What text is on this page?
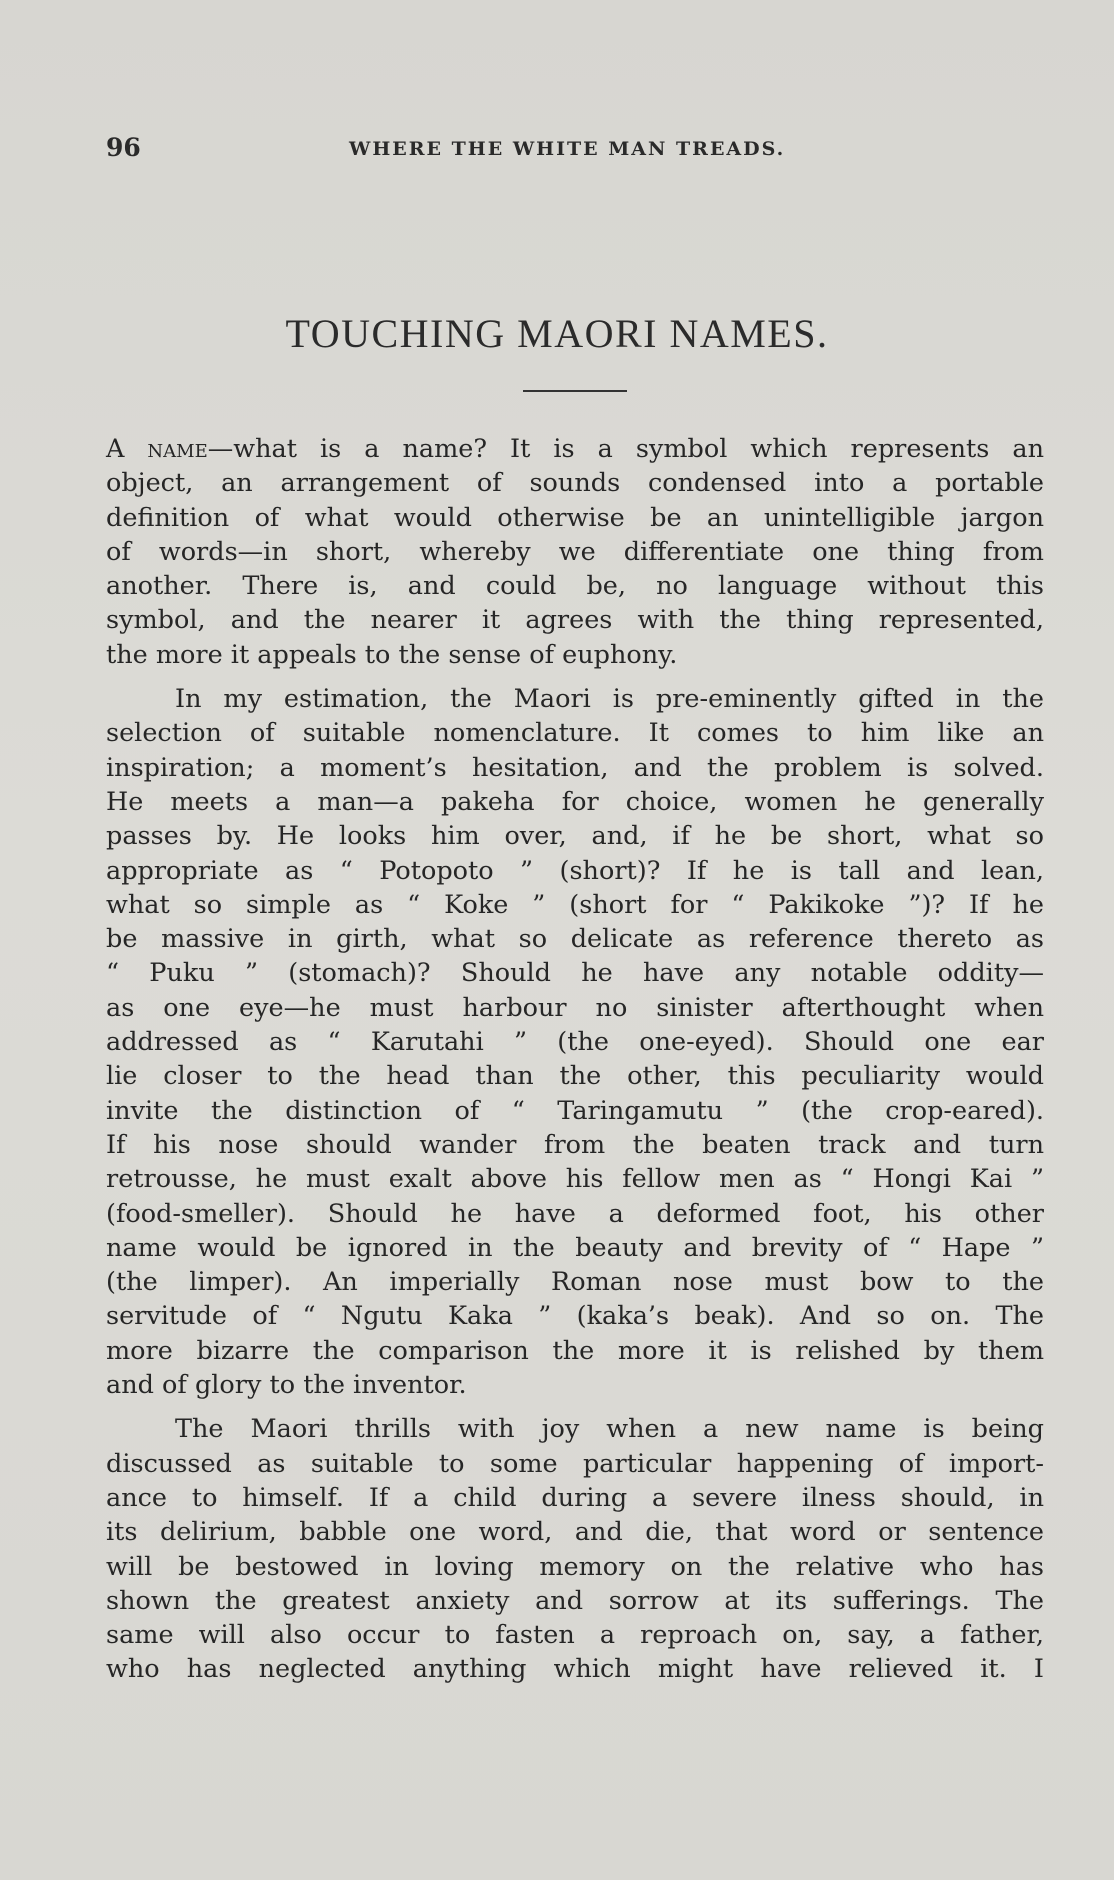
96	WHERE THE WHITE MAN TREADS.
TOUCHING MAORI NAMES.
A name—what is a name? It is a symbol which represents an
object, an arrangement of sounds condensed into a portable
definition of what would otherwise be an unintelligible jargon
of words—in short, whereby we differentiate one thing from
another. There is, and could be, no language without this
symbol, and the nearer it agrees with the thing represented,
the more it appeals to the sense of euphony.
In my estimation, the Maori is pre-eminently gifted in the
selection of suitable nomenclature. It comes to him like an
inspiration; a moment’s hesitation, and the problem is solved.
He meets a man—a pakeha for choice, women he generally
passes by. He looks him over, and, if he be short, what so
appropriate as “ Potopoto ” (short)? If he is tall and lean,
what so simple as “ Koke ” (short for “ Pakikoke ”)? If he
be massive in girth, what so delicate as reference thereto as
“ Puku ” (stomach)? Should he have any notable oddity—
as one eye—he must harbour no sinister afterthought when
addressed as “ Karutahi ” (the one-eyed). Should one ear
lie closer to the head than the other, this peculiarity would
invite the distinction of “ Taringamutu ” (the crop-eared).
If his nose should wander from the beaten track and turn
retrousse, he must exalt above his fellow men as “ Hongi Kai ”
(food-smeller). Should he have a deformed foot, his other
name would be ignored in the beauty and brevity of “ Hape ”
(the limper). An imperially Roman nose must bow to the
servitude of “ Ngutu Kaka ” (kaka’s beak). And so on. The
more bizarre the comparison the more it is relished by them
and of glory to the inventor.
The Maori thrills with joy when a new name is being
discussed as suitable to some particular happening of import-
ance to himself. If a child during a severe ilness should, in
its delirium, babble one word, and die, that word or sentence
will be bestowed in loving memory on the relative who has
shown the greatest anxiety and sorrow at its sufferings. The
same will also occur to fasten a reproach on, say, a father,
who has neglected anything which might have relieved it. I
